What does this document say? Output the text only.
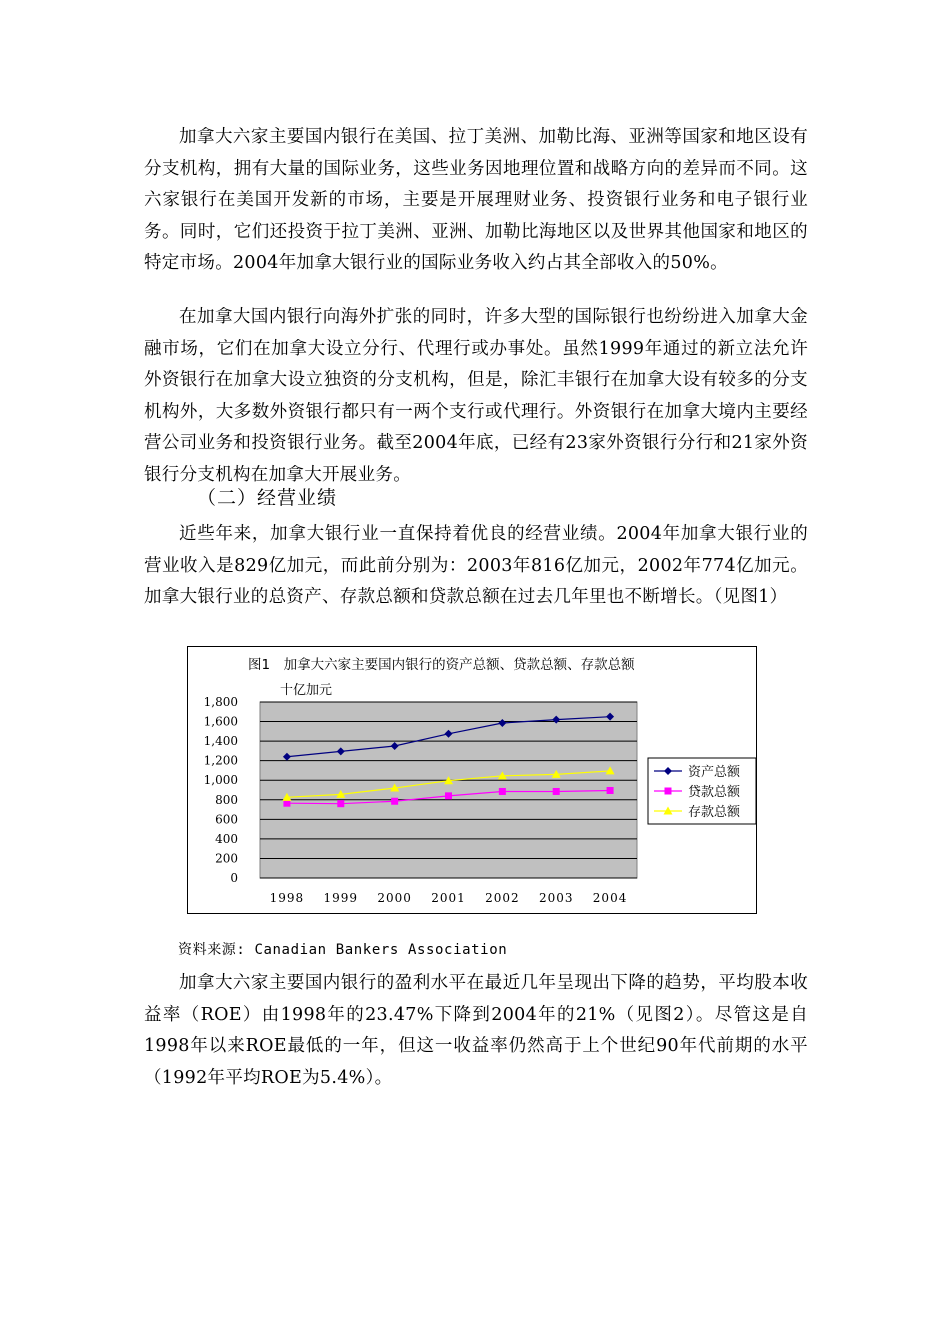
加拿大六家主要国内银行在美国、拉丁美洲、加勒比海、亚洲等国家和地区设有分支机构，拥有大量的国际业务，这些业务因地理位置和战略方向的差异而不同。这六家银行在美国开发新的市场，主要是开展理财业务、投资银行业务和电子银行业务。同时，它们还投资于拉丁美洲、亚洲、加勒比海地区以及世界其他国家和地区的特定市场。2004年加拿大银行业的国际业务收入约占其全部收入的50%。

在加拿大国内银行向海外扩张的同时，许多大型的国际银行也纷纷进入加拿大金融市场，它们在加拿大设立分行、代理行或办事处。虽然1999年通过的新立法允许外资银行在加拿大设立独资的分支机构，但是，除汇丰银行在加拿大设有较多的分支机构外，大多数外资银行都只有一两个支行或代理行。外资银行在加拿大境内主要经营公司业务和投资银行业务。截至2004年底，已经有23家外资银行分行和21家外资银行分支机构在加拿大开展业务。

（二）经营业绩

近些年来，加拿大银行业一直保持着优良的经营业绩。2004年加拿大银行业的营业收入是829亿加元，而此前分别为：2003年816亿加元，2002年774亿加元。加拿大银行业的总资产、存款总额和贷款总额在过去几年里也不断增长。（见图1）

图1　加拿大六家主要国内银行的资产总额、贷款总额、存款总额
十亿加元
0
200
400
600
800
1,000
1,200
1,400
1,600
1,800
1998 1999 2000 2001 2002 2003 2004
资产总额
贷款总额
存款总额

资料来源: Canadian Bankers Association

加拿大六家主要国内银行的盈利水平在最近几年呈现出下降的趋势，平均股本收益率（ROE）由1998年的23.47%下降到2004年的21%（见图2）。尽管这是自1998年以来ROE最低的一年，但这一收益率仍然高于上个世纪90年代前期的水平（1992年平均ROE为5.4%）。
